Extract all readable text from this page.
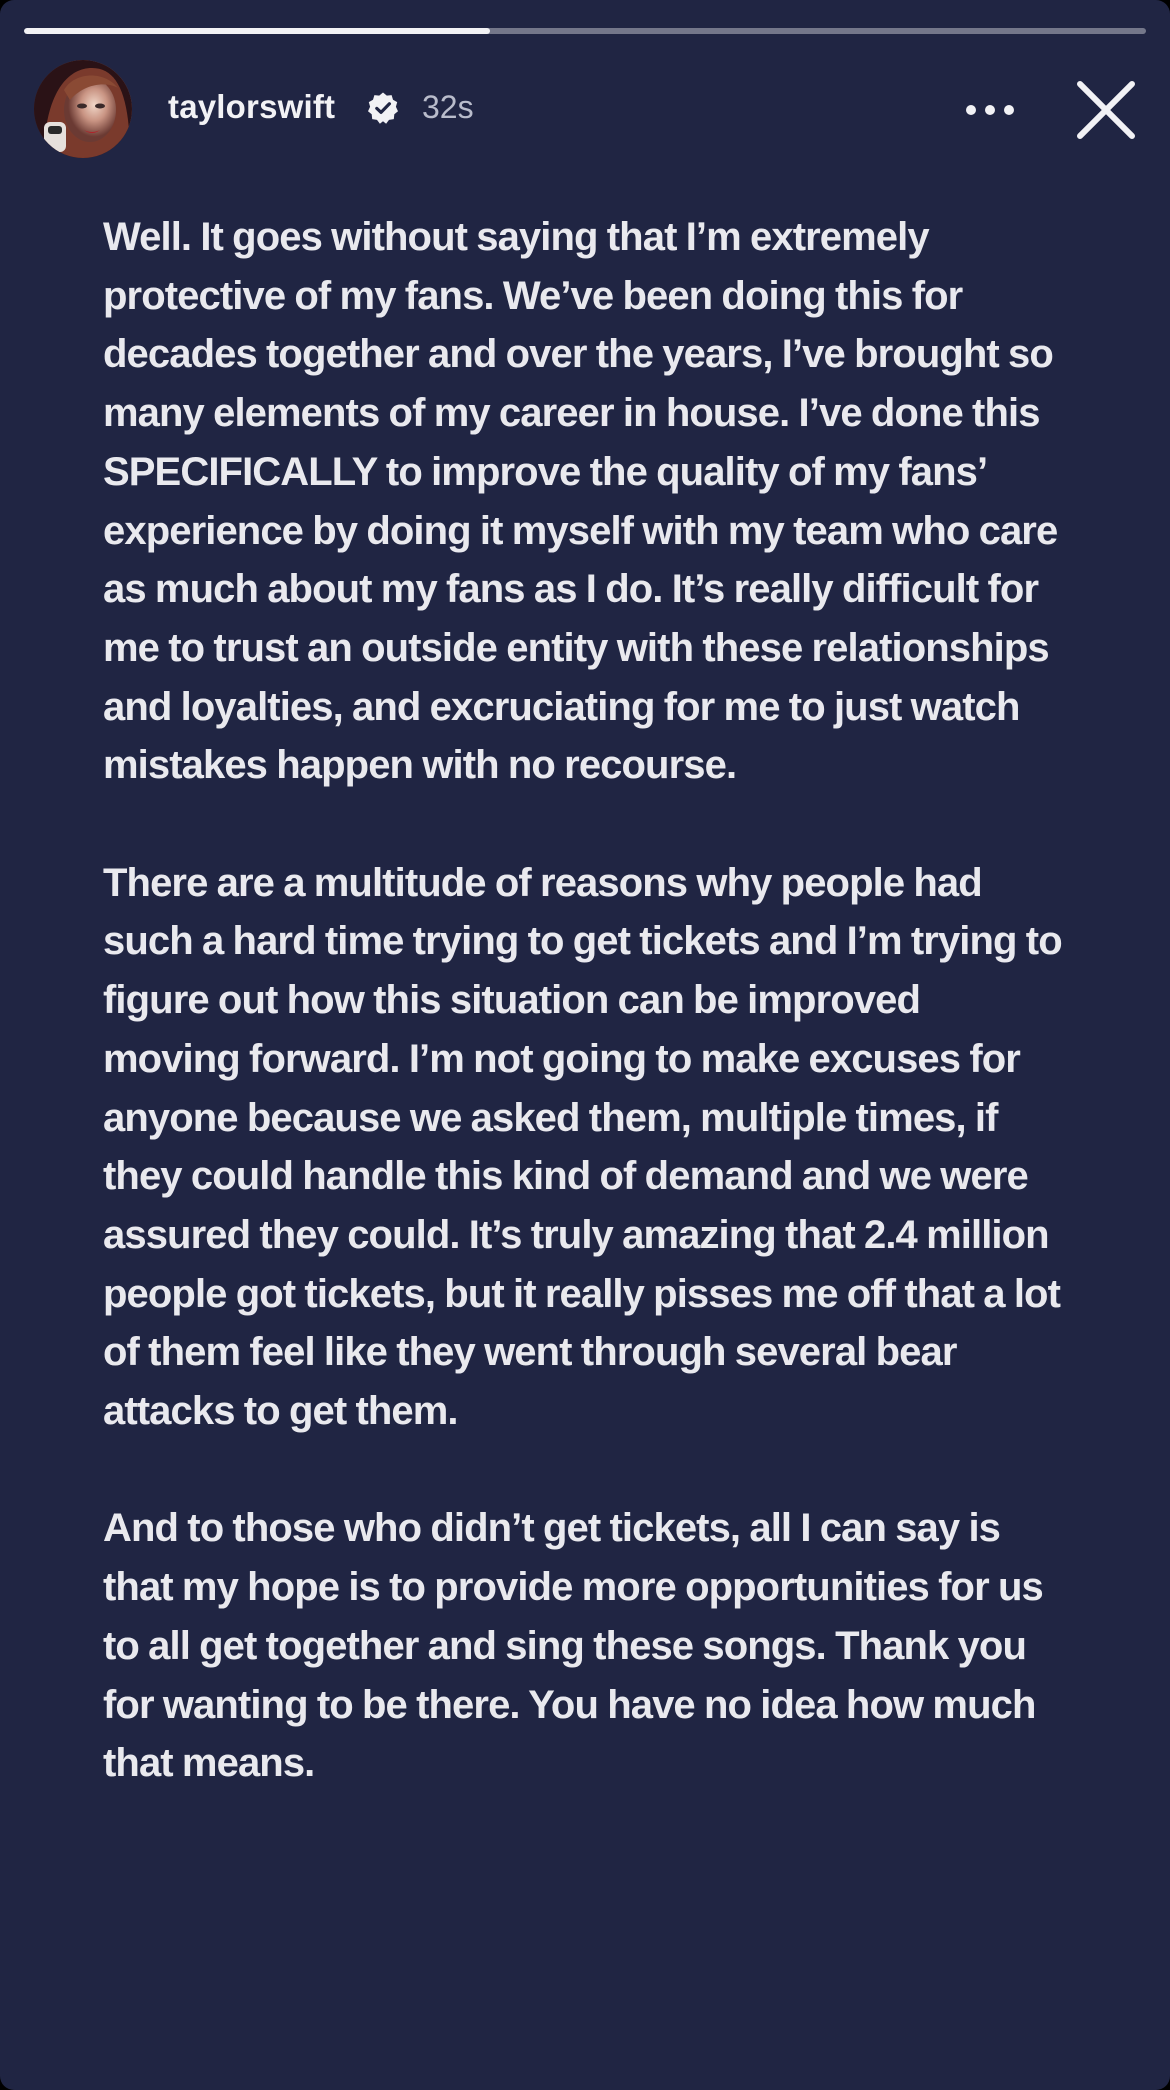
taylorswift	32s

Well. It goes without saying that I’m extremely protective of my fans. We’ve been doing this for decades together and over the years, I’ve brought so many elements of my career in house. I’ve done this SPECIFICALLY to improve the quality of my fans’ experience by doing it myself with my team who care as much about my fans as I do. It’s really difficult for me to trust an outside entity with these relationships and loyalties, and excruciating for me to just watch mistakes happen with no recourse.

There are a multitude of reasons why people had such a hard time trying to get tickets and I’m trying to figure out how this situation can be improved moving forward. I’m not going to make excuses for anyone because we asked them, multiple times, if they could handle this kind of demand and we were assured they could. It’s truly amazing that 2.4 million people got tickets, but it really pisses me off that a lot of them feel like they went through several bear attacks to get them.

And to those who didn’t get tickets, all I can say is that my hope is to provide more opportunities for us to all get together and sing these songs. Thank you for wanting to be there. You have no idea how much that means.
